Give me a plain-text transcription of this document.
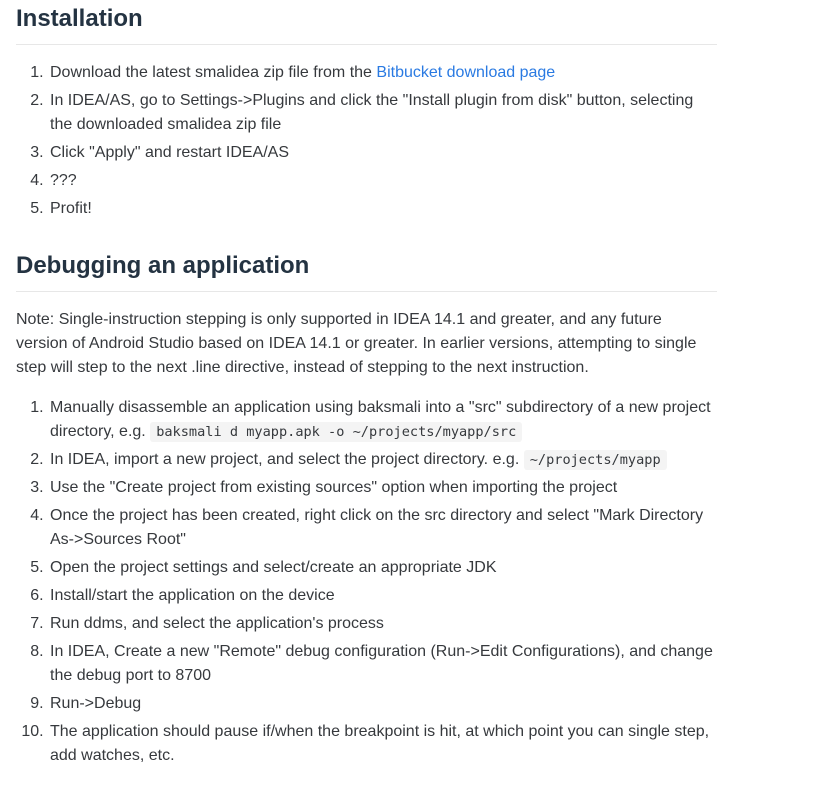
Installation
1. Download the latest smalidea zip file from the Bitbucket download page
2. In IDEA/AS, go to Settings->Plugins and click the "Install plugin from disk" button, selecting the downloaded smalidea zip file
3. Click "Apply" and restart IDEA/AS
4. ???
5. Profit!
Debugging an application

Note: Single-instruction stepping is only supported in IDEA 14.1 and greater, and any future version of Android Studio based on IDEA 14.1 or greater. In earlier versions, attempting to single step will step to the next .line directive, instead of stepping to the next instruction.

1. Manually disassemble an application using baksmali into a "src" subdirectory of a new project directory, e.g. baksmali d myapp.apk -o ~/projects/myapp/src
2. In IDEA, import a new project, and select the project directory. e.g. ~/projects/myapp
3. Use the "Create project from existing sources" option when importing the project
4. Once the project has been created, right click on the src directory and select "Mark Directory As->Sources Root"
5. Open the project settings and select/create an appropriate JDK
6. Install/start the application on the device
7. Run ddms, and select the application's process
8. In IDEA, Create a new "Remote" debug configuration (Run->Edit Configurations), and change the debug port to 8700
9. Run->Debug
10. The application should pause if/when the breakpoint is hit, at which point you can single step, add watches, etc.
